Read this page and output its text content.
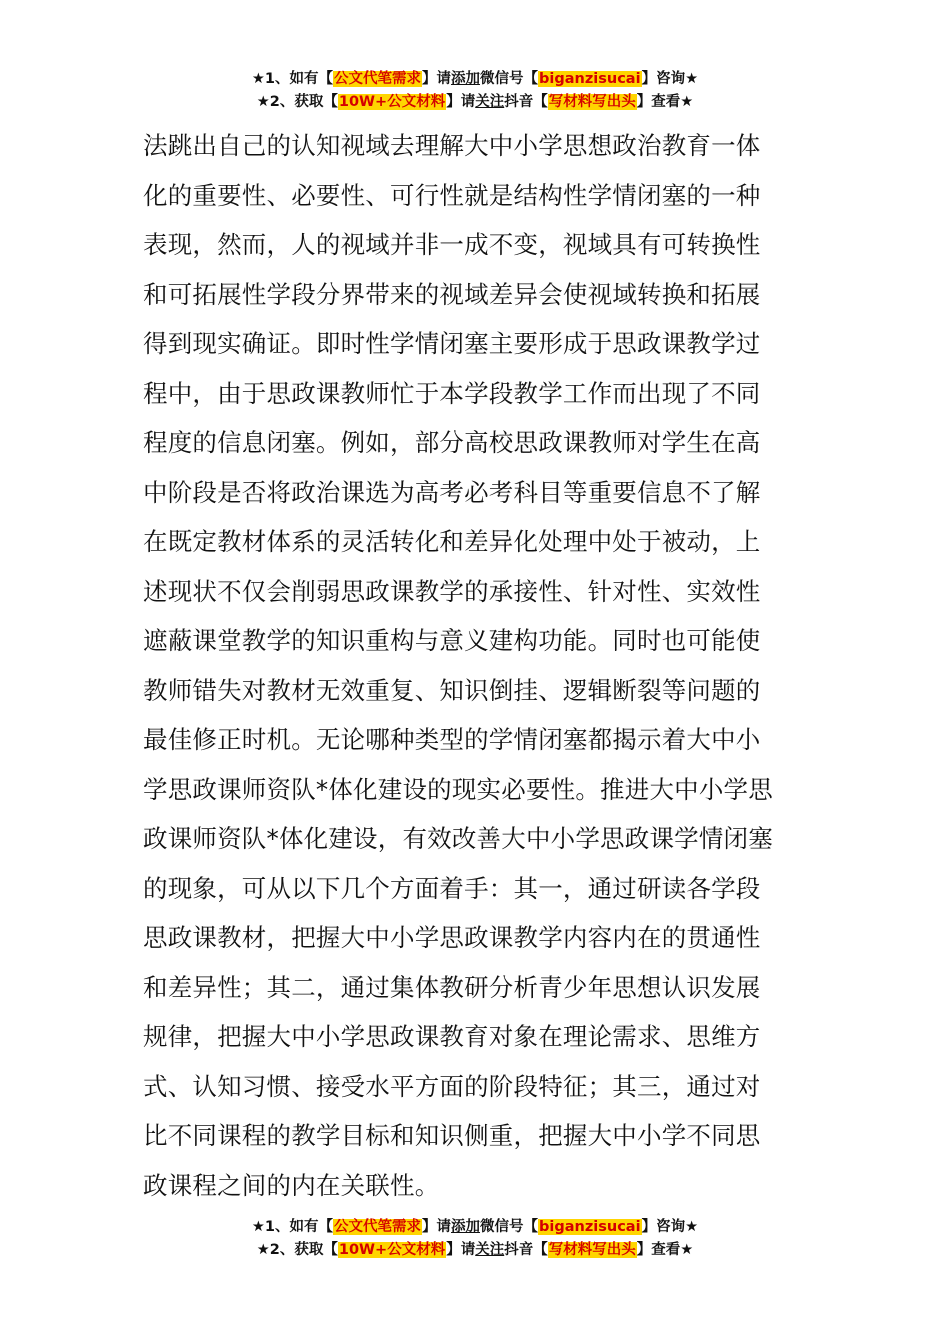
★1、如有【公文代笔需求】请添加微信号【biganzisucai】咨询★
★2、获取【10W+公文材料】请关注抖音【写材料写出头】查看★
法跳出自己的认知视域去理解大中小学思想政治教育一体
化的重要性、必要性、可行性就是结构性学情闭塞的一种
表现，然而，人的视域并非一成不变，视域具有可转换性
和可拓展性学段分界带来的视域差异会使视域转换和拓展
得到现实确证。即时性学情闭塞主要形成于思政课教学过
程中，由于思政课教师忙于本学段教学工作而出现了不同
程度的信息闭塞。例如，部分高校思政课教师对学生在高
中阶段是否将政治课选为高考必考科目等重要信息不了解
在既定教材体系的灵活转化和差异化处理中处于被动，上
述现状不仅会削弱思政课教学的承接性、针对性、实效性
遮蔽课堂教学的知识重构与意义建构功能。同时也可能使
教师错失对教材无效重复、知识倒挂、逻辑断裂等问题的
最佳修正时机。无论哪种类型的学情闭塞都揭示着大中小
学思政课师资队*体化建设的现实必要性。推进大中小学思
政课师资队*体化建设，有效改善大中小学思政课学情闭塞
的现象，可从以下几个方面着手：其一，通过研读各学段
思政课教材，把握大中小学思政课教学内容内在的贯通性
和差异性；其二，通过集体教研分析青少年思想认识发展
规律，把握大中小学思政课教育对象在理论需求、思维方
式、认知习惯、接受水平方面的阶段特征；其三，通过对
比不同课程的教学目标和知识侧重，把握大中小学不同思
政课程之间的内在关联性。
★1、如有【公文代笔需求】请添加微信号【biganzisucai】咨询★
★2、获取【10W+公文材料】请关注抖音【写材料写出头】查看★
